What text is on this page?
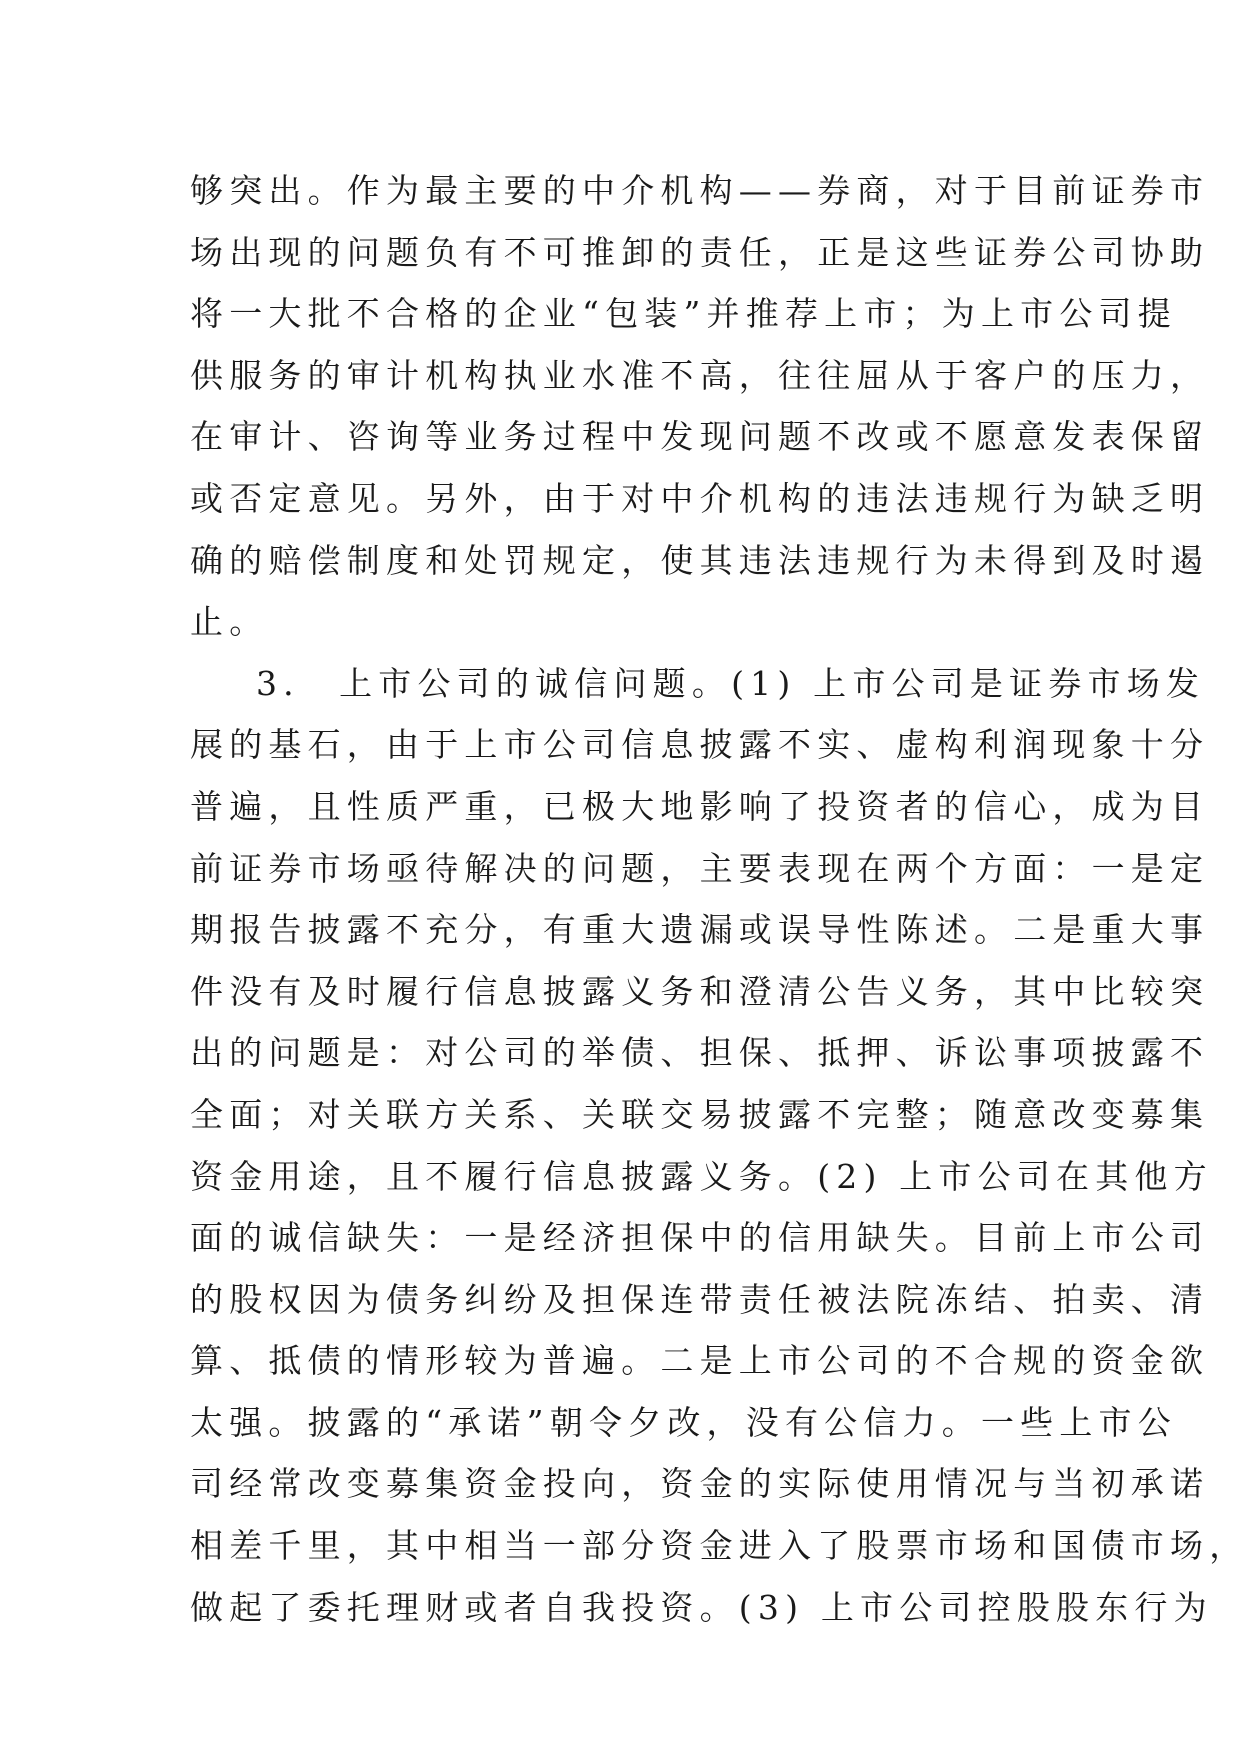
够突出。作为最主要的中介机构——券商，对于目前证券市
场出现的问题负有不可推卸的责任，正是这些证券公司协助
将一大批不合格的企业“包装”并推荐上市；为上市公司提
供服务的审计机构执业水准不高，往往屈从于客户的压力，
在审计、咨询等业务过程中发现问题不改或不愿意发表保留
或否定意见。另外，由于对中介机构的违法违规行为缺乏明
确的赔偿制度和处罚规定，使其违法违规行为未得到及时遏
止。
3． 上市公司的诚信问题。(1) 上市公司是证券市场发
展的基石，由于上市公司信息披露不实、虚构利润现象十分
普遍，且性质严重，已极大地影响了投资者的信心，成为目
前证券市场亟待解决的问题，主要表现在两个方面：一是定
期报告披露不充分，有重大遗漏或误导性陈述。二是重大事
件没有及时履行信息披露义务和澄清公告义务，其中比较突
出的问题是：对公司的举债、担保、抵押、诉讼事项披露不
全面；对关联方关系、关联交易披露不完整；随意改变募集
资金用途，且不履行信息披露义务。(2) 上市公司在其他方
面的诚信缺失：一是经济担保中的信用缺失。目前上市公司
的股权因为债务纠纷及担保连带责任被法院冻结、拍卖、清
算、抵债的情形较为普遍。二是上市公司的不合规的资金欲
太强。披露的“承诺”朝令夕改，没有公信力。一些上市公
司经常改变募集资金投向，资金的实际使用情况与当初承诺
相差千里，其中相当一部分资金进入了股票市场和国债市场，
做起了委托理财或者自我投资。(3) 上市公司控股股东行为
